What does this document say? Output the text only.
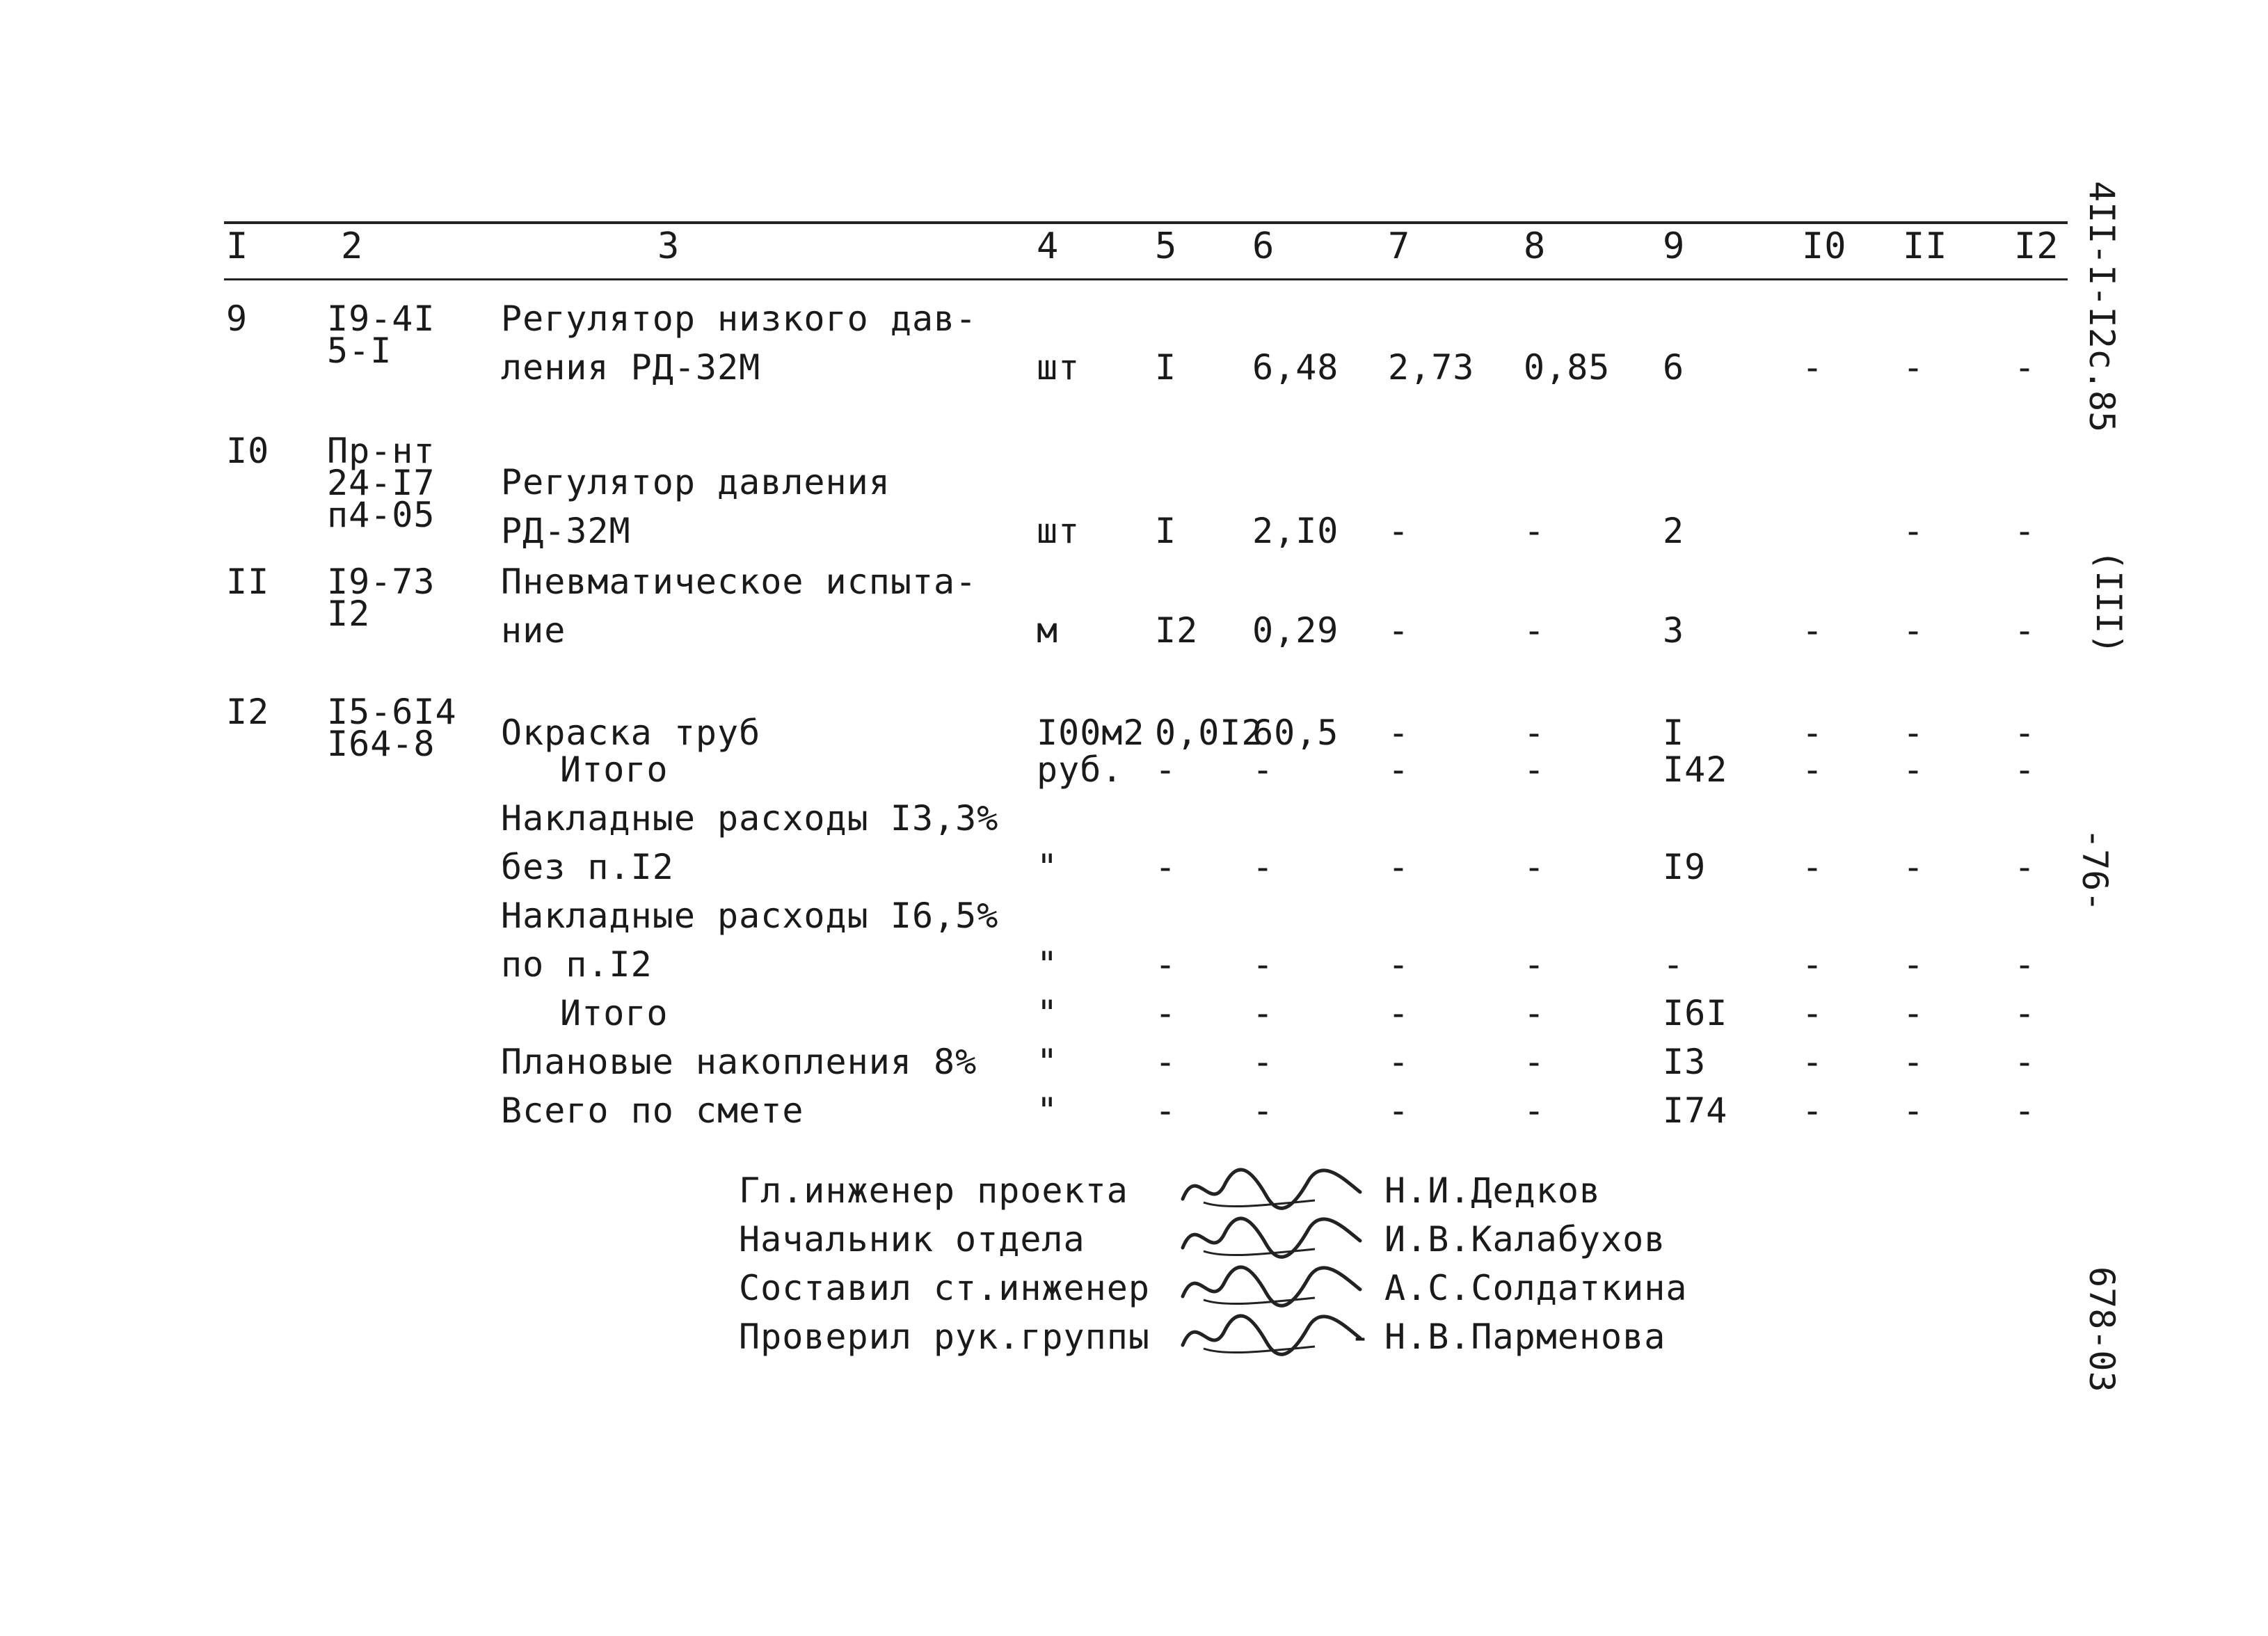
I	2	3	4	5 6	7	8	9	I0 II I2
9 I9-4I
5-I
Регулятор низкого дав-
ления РД-32М	шт I 6,48 2,73 0,85 6	- -	-
I0 Пр-нт
24-I7
п4-05
Регулятор давления
РД-32М	шт I 2,I0 -	-	2	-	-
II I9-73
I2
Пневматическое испыта-
ние	м	I2 0,29 -	-	3	- -	-
I2 I5-6I4
I64-8 Окраска труб	I00м2 0,0I2
60,5 -	-	I	- -	-
Итого	руб. - -	-	-	I42 - -	-
Накладные расходы I3,3%
без п.I2	"	- -	-	-	I9	- -	-
Накладные расходы I6,5%
по п.I2	"	- -	-	-	-	- -	-
Итого	"	- -	-	-	I6I - -	-
Плановые накопления 8% "	- -	-	-	I3	- -	-
Всего по смете	"	- -	-	-	I74 - -	-
Гл.инженер проекта	Н.И.Дедков
Начальник отдела	И.В.Калабухов
Составил ст.инженер	А.С.Солдаткина
Проверил рук.группы	Н.В.Парменова
-
4II-I-I2с.85
(III)
-76-
678-03
